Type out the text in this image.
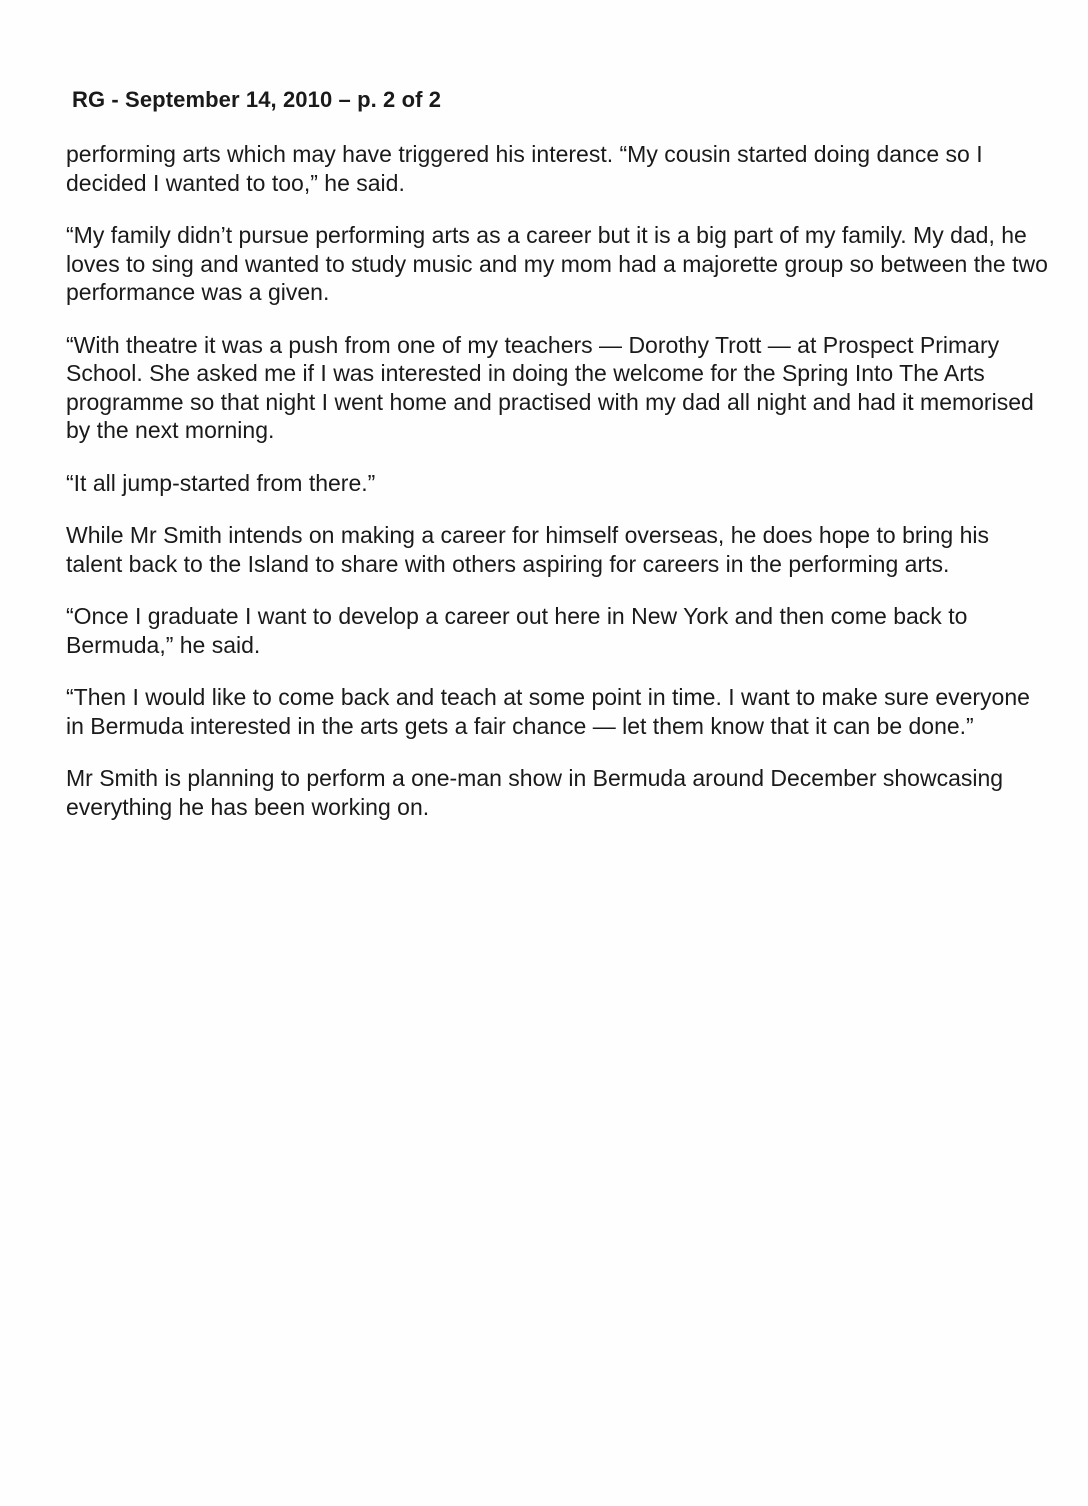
RG - September 14, 2010 – p. 2 of 2

performing arts which may have triggered his interest. “My cousin started doing dance so I decided I wanted to too,” he said.

“My family didn’t pursue performing arts as a career but it is a big part of my family. My dad, he loves to sing and wanted to study music and my mom had a majorette group so between the two performance was a given.

“With theatre it was a push from one of my teachers — Dorothy Trott — at Prospect Primary School. She asked me if I was interested in doing the welcome for the Spring Into The Arts programme so that night I went home and practised with my dad all night and had it memorised by the next morning.

“It all jump-started from there.”

While Mr Smith intends on making a career for himself overseas, he does hope to bring his talent back to the Island to share with others aspiring for careers in the performing arts.

“Once I graduate I want to develop a career out here in New York and then come back to Bermuda,” he said.

“Then I would like to come back and teach at some point in time. I want to make sure everyone in Bermuda interested in the arts gets a fair chance — let them know that it can be done.”

Mr Smith is planning to perform a one-man show in Bermuda around December showcasing everything he has been working on.
